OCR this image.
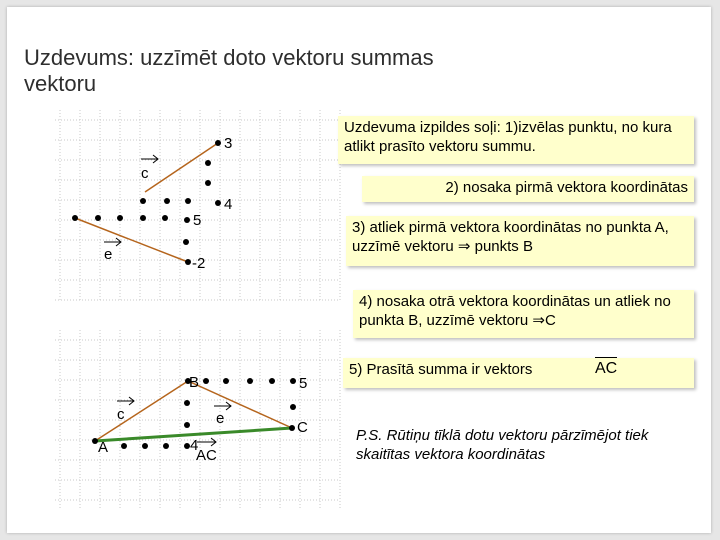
c
3
4
e
5
-2
B	5
C
A	4
c	e
AC
Uzdevums: uzzīmēt doto vektoru summas vektoru
Uzdevuma izpildes soļi: 1)izvēlas punktu, no kura atlikt prasīto vektoru summu.
2) nosaka pirmā vektora koordinātas
3) atliek pirmā vektora koordinātas no punkta A, uzzīmē vektoru ⇒ punkts B
4) nosaka otrā vektora koordinātas un atliek no punkta B, uzzīmē vektoru ⇒C
5) Prasītā summa ir vektors	AC
P.S. Rūtiņu tīklā dotu vektoru pārzīmējot tiek skaitītas vektora koordinātas
